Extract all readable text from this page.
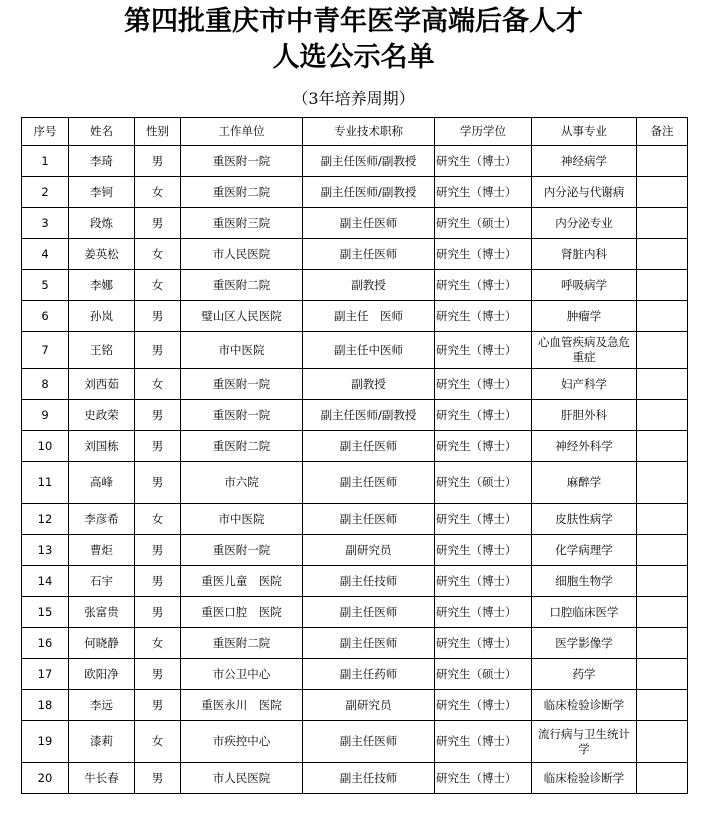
第四批重庆市中青年医学高端后备人才
人选公示名单
（3年培养周期）
序号	姓名	性别	工作单位	专业技术职称	学历学位	从事专业	备注
1	李琦	男	重医附一院	副主任医师/副教授	研究生（博士）	神经病学	
2	李钶	女	重医附二院	副主任医师/副教授	研究生（博士）	内分泌与代谢病	
3	段炼	男	重医附三院	副主任医师	研究生（硕士）	内分泌专业	
4	姜英松	女	市人民医院	副主任医师	研究生（博士）	肾脏内科	
5	李娜	女	重医附二院	副教授	研究生（博士）	呼吸病学	
6	孙岚	男	璧山区人民医院	副主任　医师	研究生（博士）	肿瘤学	
7	王铭	男	市中医院	副主任中医师	研究生（博士）	心血管疾病及急危重症	
8	刘西茹	女	重医附一院	副教授	研究生（博士）	妇产科学	
9	史政荣	男	重医附一院	副主任医师/副教授	研究生（博士）	肝胆外科	
10	刘国栋	男	重医附二院	副主任医师	研究生（博士）	神经外科学	
11	高峰	男	市六院	副主任医师	研究生（硕士）	麻醉学	
12	李彦希	女	市中医院	副主任医师	研究生（博士）	皮肤性病学	
13	曹炬	男	重医附一院	副研究员	研究生（博士）	化学病理学	
14	石宇	男	重医儿童　医院	副主任技师	研究生（博士）	细胞生物学	
15	张富贵	男	重医口腔　医院	副主任医师	研究生（博士）	口腔临床医学	
16	何晓静	女	重医附二院	副主任医师	研究生（博士）	医学影像学	
17	欧阳净	男	市公卫中心	副主任药师	研究生（硕士）	药学	
18	李远	男	重医永川　医院	副研究员	研究生（博士）	临床检验诊断学	
19	漆莉	女	市疾控中心	副主任医师	研究生（博士）	流行病与卫生统计学	
20	牛长春	男	市人民医院	副主任技师	研究生（博士）	临床检验诊断学	
